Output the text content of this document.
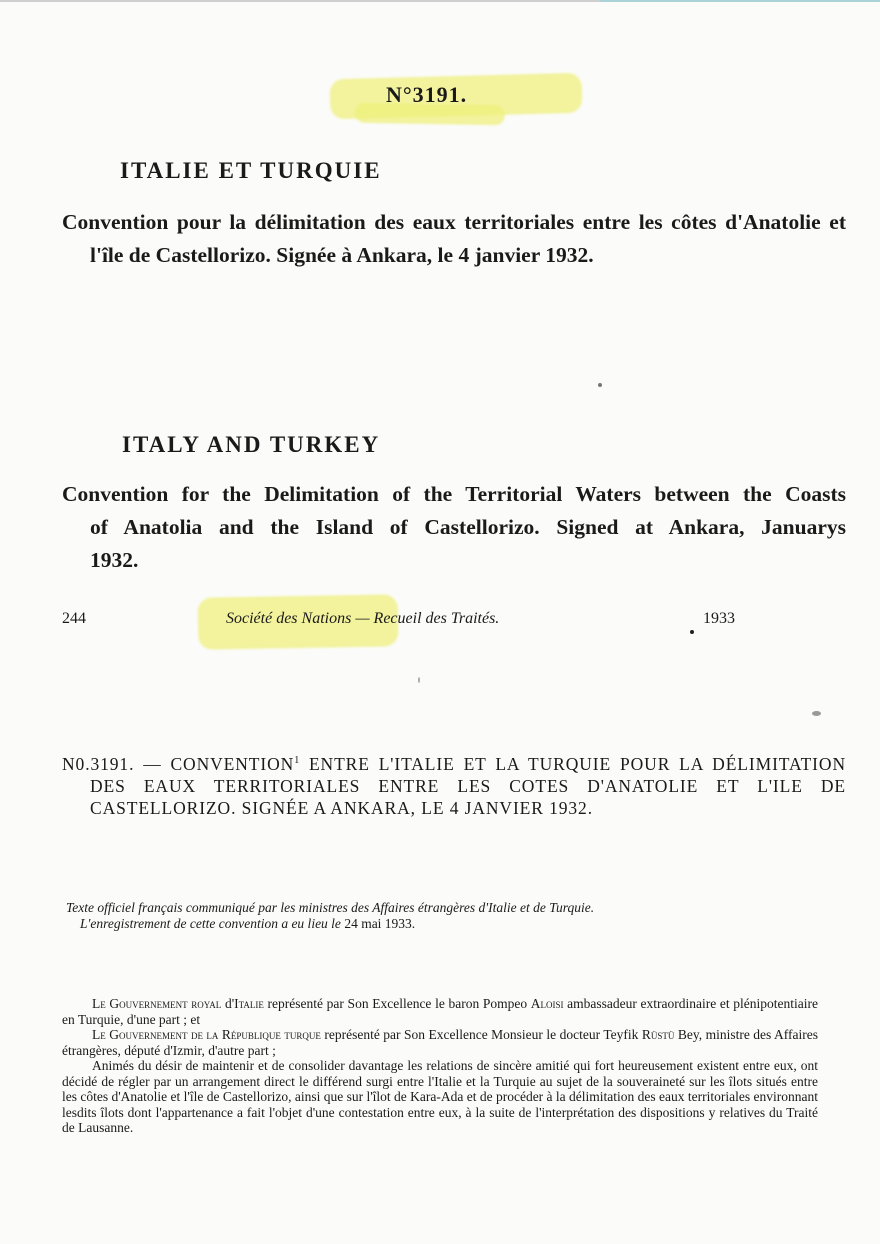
N°3191.
ITALIE ET TURQUIE
Convention pour la délimitation des eaux territoriales entre les côtes d'Anatolie et l'île de Castellorizo. Signée à Ankara, le 4 janvier 1932.
ITALY AND TURKEY
Convention for the Delimitation of the Territorial Waters between the Coasts of Anatolia and the Island of Castellorizo. Signed at Ankara, Januarys 1932.
244	Société des Nations — Recueil des Traités.	1933
N0.3191. — CONVENTION$^1$ ENTRE L'ITALIE ET LA TURQUIE POUR LA DÉLIMITATION DES EAUX TERRITORIALES ENTRE LES COTES D'ANATOLIE ET L'ILE DE CASTELLORIZO. SIGNÉE A ANKARA, LE 4 JANVIER 1932.
Texte officiel français communiqué par les ministres des Affaires étrangères d'Italie et de Turquie.
L'enregistrement de cette convention a eu lieu le 24 mai 1933.

Le Gouvernement royal d'Italie représenté par Son Excellence le baron Pompeo Aloisi ambassadeur extraordinaire et plénipotentiaire en Turquie, d'une part ; et

Le Gouvernement de la République turque représenté par Son Excellence Monsieur le docteur Teyfik Rüstü Bey, ministre des Affaires étrangères, député d'Izmir, d'autre part ;

Animés du désir de maintenir et de consolider davantage les relations de sincère amitié qui fort heureusement existent entre eux, ont décidé de régler par un arrangement direct le différend surgi entre l'Italie et la Turquie au sujet de la souveraineté sur les îlots situés entre les côtes d'Anatolie et l'île de Castellorizo, ainsi que sur l'îlot de Kara-Ada et de procéder à la délimitation des eaux territoriales environnant lesdits îlots dont l'appartenance a fait l'objet d'une contestation entre eux, à la suite de l'interprétation des dispositions y relatives du Traité de Lausanne.
